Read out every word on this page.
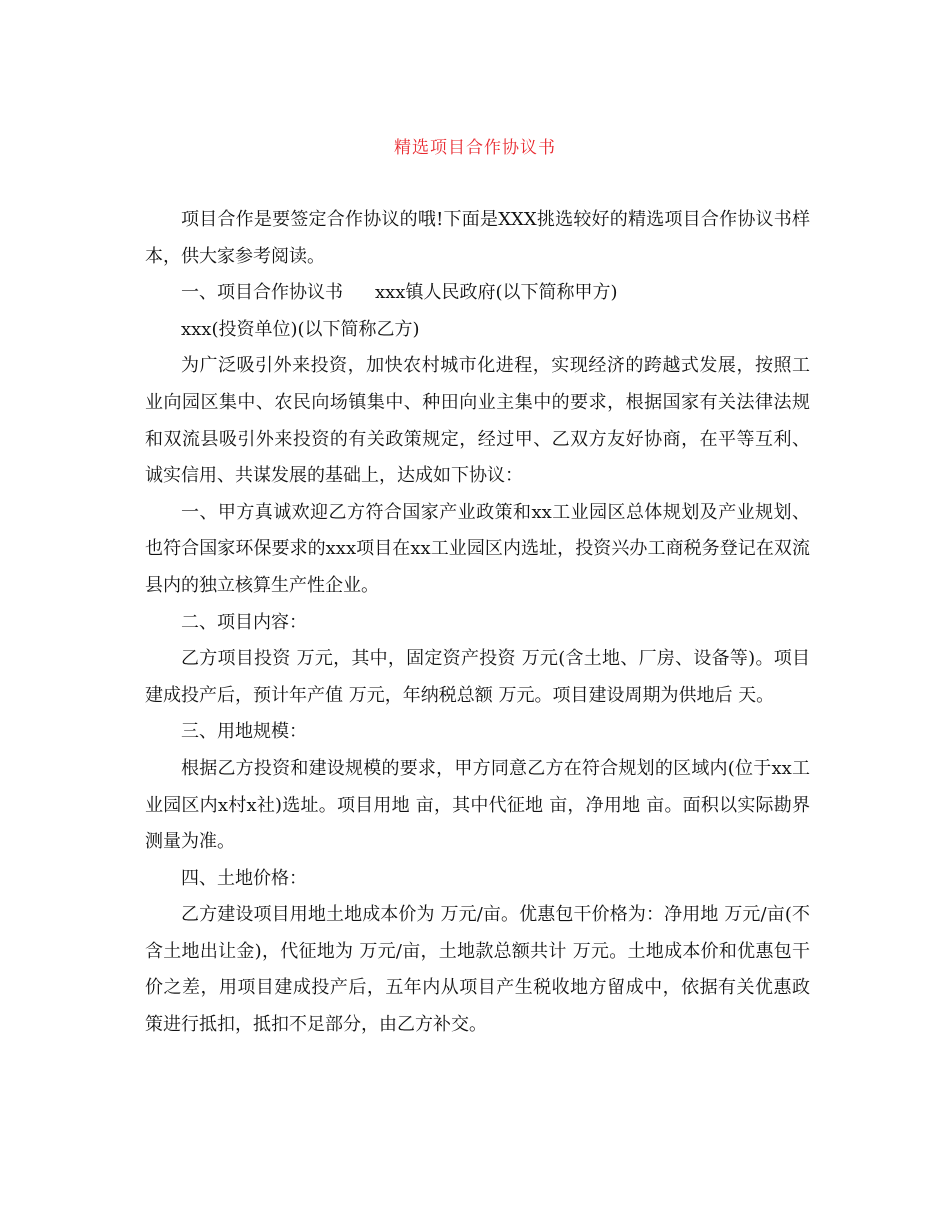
精选项目合作协议书

项目合作是要签定合作协议的哦!下面是XXX挑选较好的精选项目合作协议书样本，供大家参考阅读。

一、项目合作协议书 xxx镇人民政府(以下简称甲方)

xxx(投资单位)(以下简称乙方)

为广泛吸引外来投资，加快农村城市化进程，实现经济的跨越式发展，按照工业向园区集中、农民向场镇集中、种田向业主集中的要求，根据国家有关法律法规和双流县吸引外来投资的有关政策规定，经过甲、乙双方友好协商，在平等互利、诚实信用、共谋发展的基础上，达成如下协议：

一、甲方真诚欢迎乙方符合国家产业政策和xx工业园区总体规划及产业规划、也符合国家环保要求的xxx项目在xx工业园区内选址，投资兴办工商税务登记在双流县内的独立核算生产性企业。

二、项目内容：

乙方项目投资 万元，其中，固定资产投资 万元(含土地、厂房、设备等)。项目建成投产后，预计年产值 万元，年纳税总额 万元。项目建设周期为供地后 天。

三、用地规模：

根据乙方投资和建设规模的要求，甲方同意乙方在符合规划的区域内(位于xx工业园区内x村x社)选址。项目用地 亩，其中代征地 亩，净用地 亩。面积以实际勘界测量为准。

四、土地价格：

乙方建设项目用地土地成本价为 万元/亩。优惠包干价格为：净用地 万元/亩(不含土地出让金)，代征地为 万元/亩，土地款总额共计 万元。土地成本价和优惠包干价之差，用项目建成投产后，五年内从项目产生税收地方留成中，依据有关优惠政策进行抵扣，抵扣不足部分，由乙方补交。
